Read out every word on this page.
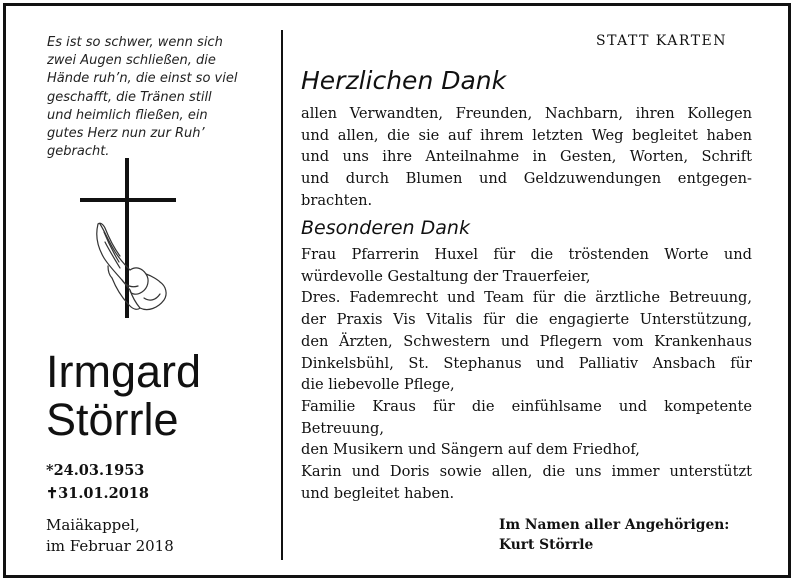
Es ist so schwer, wenn sich
zwei Augen schließen, die
Hände ruh’n, die einst so viel
geschafft, die Tränen still
und heimlich fließen, ein
gutes Herz nun zur Ruh’
gebracht.
Irmgard
Störrle
*24.03.1953
✝31.01.2018
Maiäkappel,
im Februar 2018
STATT KARTEN
Herzlichen Dank
allen Verwandten, Freunden, Nachbarn, ihren Kollegen
und allen, die sie auf ihrem letzten Weg begleitet haben
und uns ihre Anteilnahme in Gesten, Worten, Schrift
und durch Blumen und Geldzuwendungen entgegen-
brachten.
Besonderen Dank
Frau Pfarrerin Huxel für die tröstenden Worte und
würdevolle Gestaltung der Trauerfeier,
Dres. Fademrecht und Team für die ärztliche Betreuung,
der Praxis Vis Vitalis für die engagierte Unterstützung,
den Ärzten, Schwestern und Pflegern vom Krankenhaus
Dinkelsbühl, St. Stephanus und Palliativ Ansbach für
die liebevolle Pflege,
Familie Kraus für die einfühlsame und kompetente
Betreuung,
den Musikern und Sängern auf dem Friedhof,
Karin und Doris sowie allen, die uns immer unterstützt
und begleitet haben.
Im Namen aller Angehörigen:
Kurt Störrle
